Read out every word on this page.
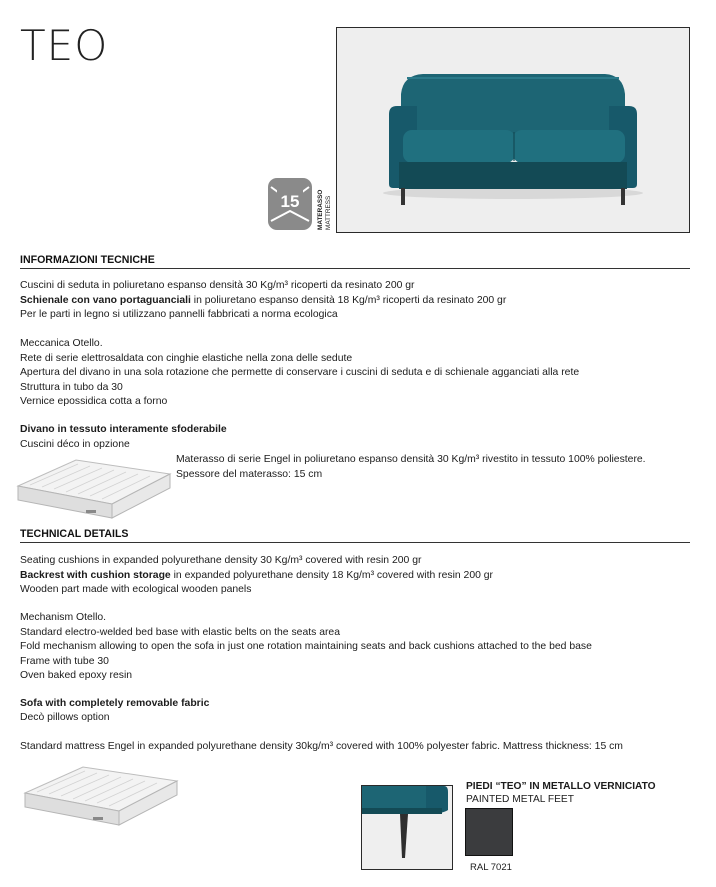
TEO
15	MATERASSO MATTRESS
INFORMAZIONI TECNICHE
Cuscini di seduta in poliuretano espanso densità 30 Kg/m³ ricoperti da resinato 200 gr
Schienale con vano portaguanciali in poliuretano espanso densità 18 Kg/m³ ricoperti da resinato 200 gr
Per le parti in legno si utilizzano pannelli fabbricati a norma ecologica
Meccanica Otello.
Rete di serie elettrosaldata con cinghie elastiche nella zona delle sedute
Apertura del divano in una sola rotazione che permette di conservare i cuscini di seduta e di schienale agganciati alla rete
Struttura in tubo da 30
Vernice epossidica cotta a forno
Divano in tessuto interamente sfoderabile
Cuscini déco in opzione
Materasso di serie Engel in poliuretano espanso densità 30 Kg/m³ rivestito in tessuto 100% poliestere.
Spessore del materasso: 15 cm
TECHNICAL DETAILS
Seating cushions in expanded polyurethane density 30 Kg/m³ covered with resin 200 gr
Backrest with cushion storage in expanded polyurethane density 18 Kg/m³ covered with resin 200 gr
Wooden part made with ecological wooden panels
Mechanism Otello.
Standard electro-welded bed base with elastic belts on the seats area
Fold mechanism allowing to open the sofa in just one rotation maintaining seats and back cushions attached to the bed base
Frame with tube 30
Oven baked epoxy resin
Sofa with completely removable fabric
Decò pillows option
Standard mattress Engel in expanded polyurethane density 30kg/m³ covered with 100% polyester fabric. Mattress thickness: 15 cm
PIEDI “TEO” IN METALLO VERNICIATO
PAINTED METAL FEET
RAL 7021
